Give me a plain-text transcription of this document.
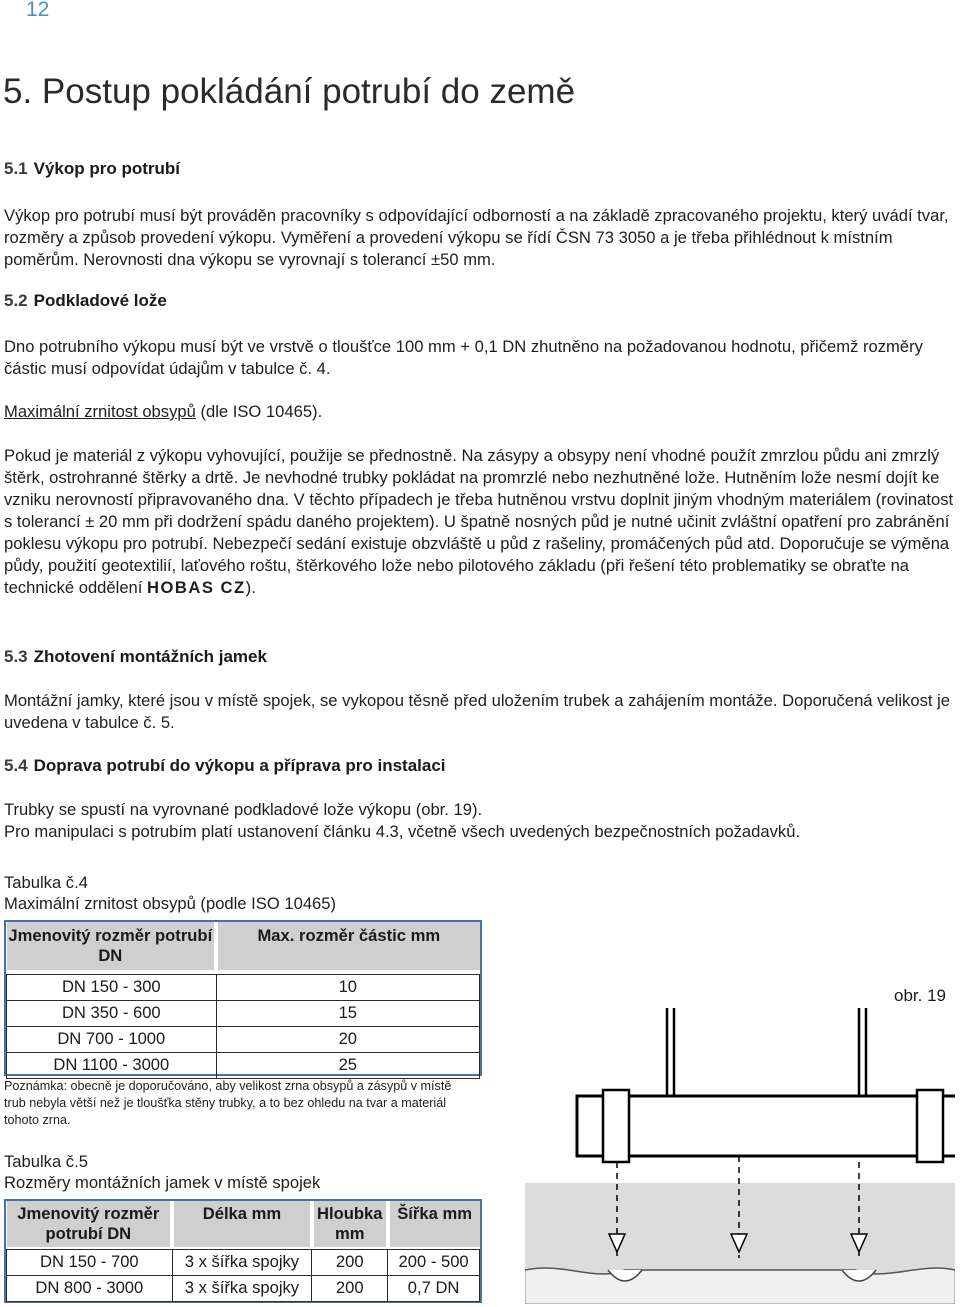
12
5. Postup pokládání potrubí do země
5.1 Výkop pro potrubí
Výkop pro potrubí musí být prováděn pracovníky s odpovídající odborností a na základě zpracovaného projektu, který uvádí tvar, rozměry a způsob provedení výkopu. Vyměření a provedení výkopu se řídí ČSN 73 3050 a je třeba přihlédnout k místním poměrům. Nerovnosti dna výkopu se vyrovnají s tolerancí ±50 mm.
5.2 Podkladové lože
Dno potrubního výkopu musí být ve vrstvě o tloušťce 100 mm + 0,1 DN zhutněno na požadovanou hodnotu, přičemž rozměry částic musí odpovídat údajům v tabulce č. 4.
Maximální zrnitost obsypů (dle ISO 10465).
Pokud je materiál z výkopu vyhovující, použije se přednostně. Na zásypy a obsypy není vhodné použít zmrzlou půdu ani zmrzlý štěrk, ostrohranné štěrky a drtě. Je nevhodné trubky pokládat na promrzlé nebo nezhutněné lože. Hutněním lože nesmí dojít ke vzniku nerovností připravovaného dna. V těchto případech je třeba hutněnou vrstvu doplnit jiným vhodným materiálem (rovinatost s tolerancí ± 20 mm při dodržení spádu daného projektem). U špatně nosných půd je nutné učinit zvláštní opatření pro zabránění poklesu výkopu pro potrubí. Nebezpečí sedání existuje obzvláště u půd z rašeliny, promáčených půd atd. Doporučuje se výměna půdy, použití geotextilií, laťového roštu, štěrkového lože nebo pilotového základu (při řešení této problematiky se obraťte na technické oddělení HOBAS CZ).
5.3 Zhotovení montážních jamek
Montážní jamky, které jsou v místě spojek, se vykopou těsně před uložením trubek a zahájením montáže. Doporučená velikost je uvedena v tabulce č. 5.
5.4 Doprava potrubí do výkopu a příprava pro instalaci

Trubky se spustí na vyrovnané podkladové lože výkopu (obr. 19).

Pro manipulaci s potrubím platí ustanovení článku 4.3, včetně všech uvedených bezpečnostních požadavků.

Tabulka č.4
Maximální zrnitost obsypů (podle ISO 10465)
Jmenovitý rozměr potrubí DN	Max. rozměr částic mm

DN 150 - 300	10
DN 350 - 600	15
DN 700 - 1000	20
DN 1100 - 3000	25
Poznámka: obecně je doporučováno, aby velikost zrna obsypů a zásypů v místě trub nebyla větší než je tloušťka stěny trubky, a to bez ohledu na tvar a materiál tohoto zrna.
Tabulka č.5
Rozměry montážních jamek v místě spojek
Jmenovitý rozměr potrubí DN	Délka mm	Hloubka mm	Šířka mm

DN 150 - 700	3 x šířka spojky	200	200 - 500
DN 800 - 3000	3 x šířka spojky	200	0,7 DN
obr. 19
